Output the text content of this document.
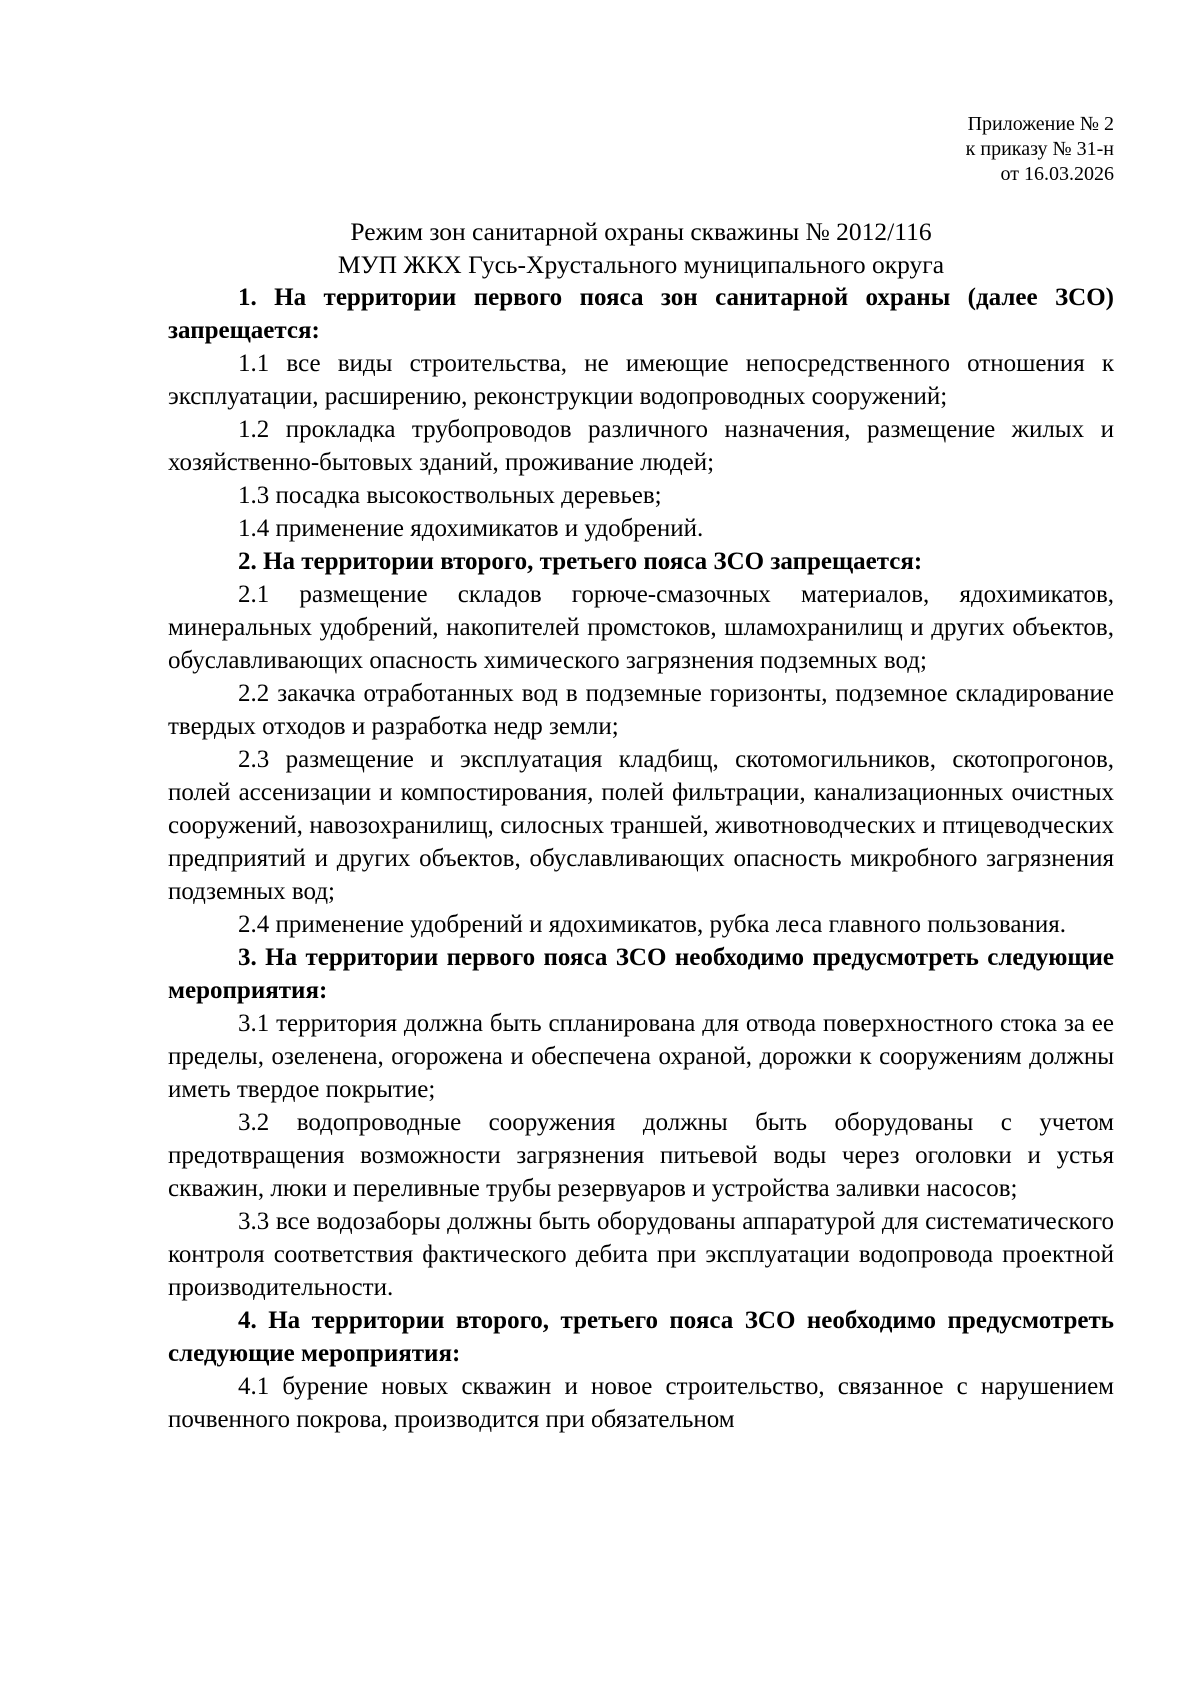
Приложение № 2
к приказу № 31-н
от 16.03.2026
Режим зон санитарной охраны скважины № 2012/116
МУП ЖКХ Гусь-Хрустального муниципального округа
1. На территории первого пояса зон санитарной охраны (далее ЗСО) запрещается:
1.1 все виды строительства, не имеющие непосредственного отношения к эксплуатации, расширению, реконструкции водопроводных сооружений;
1.2 прокладка трубопроводов различного назначения, размещение жилых и хозяйственно-бытовых зданий, проживание людей;
1.3 посадка высокоствольных деревьев;
1.4 применение ядохимикатов и удобрений.
2. На территории второго, третьего пояса ЗСО запрещается:
2.1 размещение складов горюче-смазочных материалов, ядохимикатов, минеральных удобрений, накопителей промстоков, шламохранилищ и других объектов, обуславливающих опасность химического загрязнения подземных вод;
2.2 закачка отработанных вод в подземные горизонты, подземное складирование твердых отходов и разработка недр земли;
2.3 размещение и эксплуатация кладбищ, скотомогильников, скотопрогонов, полей ассенизации и компостирования, полей фильтрации, канализационных очистных сооружений, навозохранилищ, силосных траншей, животноводческих и птицеводческих предприятий и других объектов, обуславливающих опасность микробного загрязнения подземных вод;
2.4 применение удобрений и ядохимикатов, рубка леса главного пользования.
3. На территории первого пояса ЗСО необходимо предусмотреть следующие мероприятия:
3.1 территория должна быть спланирована для отвода поверхностного стока за ее пределы, озеленена, огорожена и обеспечена охраной, дорожки к сооружениям должны иметь твердое покрытие;
3.2 водопроводные сооружения должны быть оборудованы с учетом предотвращения возможности загрязнения питьевой воды через оголовки и устья скважин, люки и переливные трубы резервуаров и устройства заливки насосов;
3.3 все водозаборы должны быть оборудованы аппаратурой для систематического контроля соответствия фактического дебита при эксплуатации водопровода проектной производительности.
4. На территории второго, третьего пояса ЗСО необходимо предусмотреть следующие мероприятия:
4.1 бурение новых скважин и новое строительство, связанное с нарушением почвенного покрова, производится при обязательном
